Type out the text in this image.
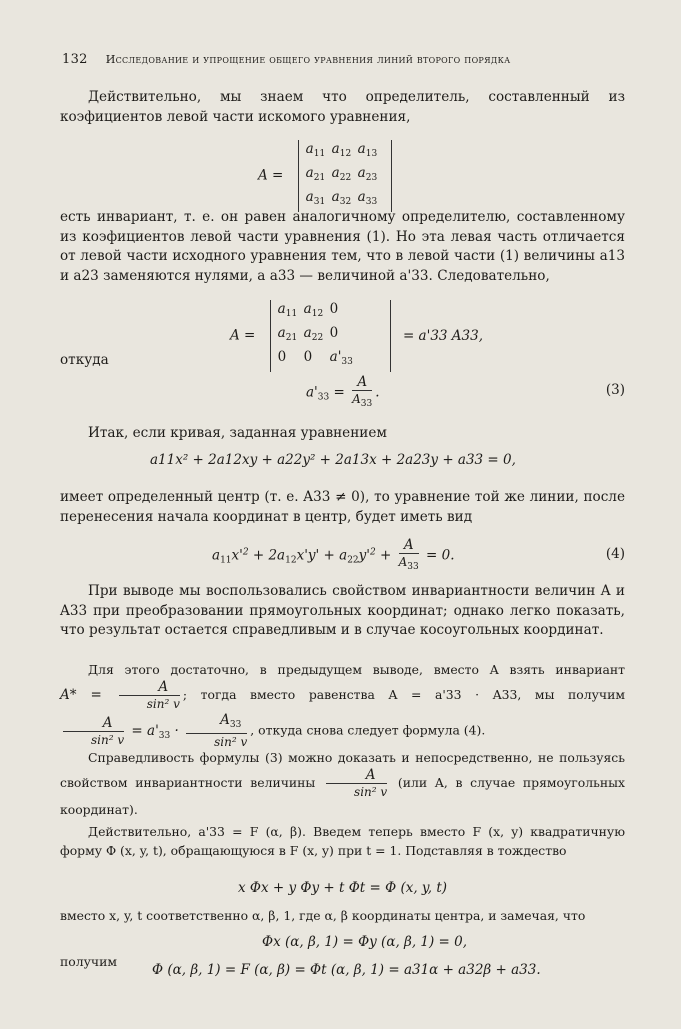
132 Исследование и упрощение общего уравнения линий второго порядка

Действительно, мы знаем что определитель, составленный из коэфициентов левой части искомого уравнения,

A =
$a_{11}$ $a_{12}$ $a_{13}$
$a_{21}$ $a_{22}$ $a_{23}$
$a_{31}$ $a_{32}$ $a_{33}$

есть инвариант, т. е. он равен аналогичному определителю, составленному из коэфициентов левой части уравнения (1). Но эта левая часть отличается от левой части исходного уравнения тем, что в левой части (1) величины a13 и a23 заменяются нулями, а a33 — величиной a'33. Следовательно,

A =
$a_{11}$ $a_{12}$ 0
$a_{21}$ $a_{22}$ 0
0 0 $a'_{33}$
= a'33 A33,
откуда
$a'_{33} = \frac{A}{A_{33}}$ .	(3)

Итак, если кривая, заданная уравнением

a11x² + 2a12xy + a22y² + 2a13x + 2a23y + a33 = 0,

имеет определенный центр (т. е. A33 ≠ 0), то уравнение той же линии, после перенесения начала координат в центр, будет иметь вид

$a_{11}x'^2 + 2a_{12}x'y' + a_{22}y'^2 + \frac{A}{A_{33}} = 0$.	(4)

При выводе мы воспользовались свойством инвариантности величин A и A33 при преобразовании прямоугольных координат; однако легко показать, что результат остается справедливым и в случае косоугольных координат.

Для этого достаточно, в предыдущем выводе, вместо A взять инвариант $A* = \frac{A}{\text{sin² v}}$ ; тогда вместо равенства A = a'33 · A33, мы получим
$\frac{A}{\text{sin² v}} = a'_{33} \cdot \frac{A_{33}}{\text{sin² v}}$ , откуда снова следует формула (4).

Справедливость формулы (3) можно доказать и непосредственно, не пользуясь свойством инвариантности величины $\frac{A}{\text{sin² v}} (или$ A, в случае прямоугольных координат).

Действительно, a'33 = F (α, β). Введем теперь вместо F (x, y) квадратичную форму Φ (x, y, t), обращающуюся в F (x, y) при t = 1. Подставляя в тождество

x Φx + y Φy + t Φt = Φ (x, y, t)

вместо x, y, t соответственно α, β, 1, где α, β координаты центра, и замечая, что

Φx (α, β, 1) = Φy (α, β, 1) = 0,
получим
Φ (α, β, 1) = F (α, β) = Φt (α, β, 1) = a31α + a32β + a33.
